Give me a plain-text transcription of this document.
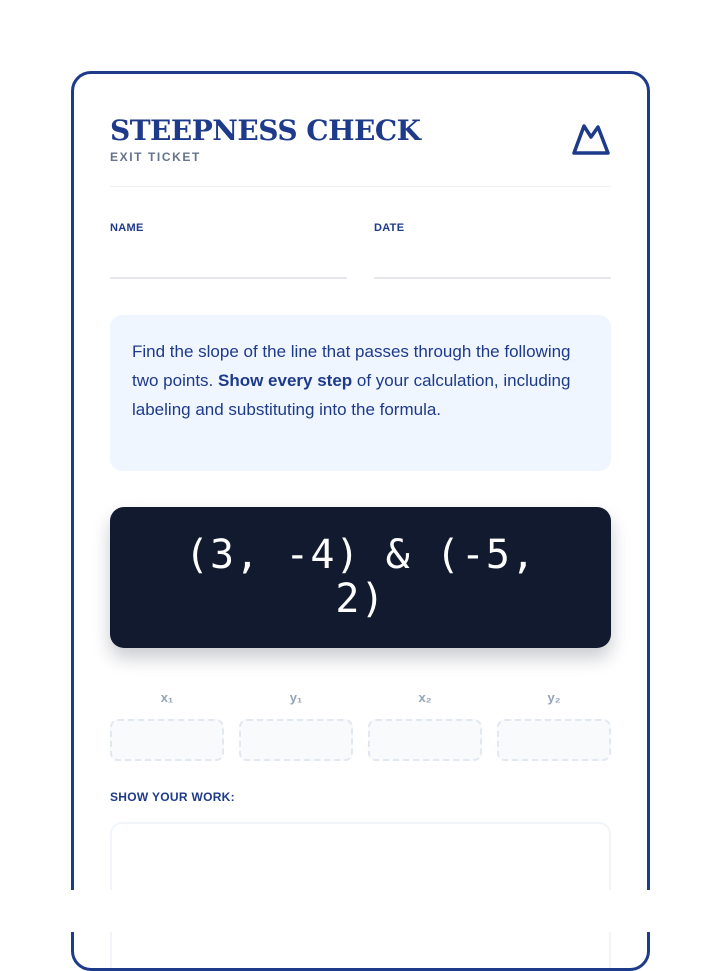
STEEPNESS CHECK
EXIT TICKET
NAME	DATE
Find the slope of the line that passes through the following two points. Show every step of your calculation, including labeling and substituting into the formula.
(3, -4) & (-5, 2)
x₁	y₁	x₂	y₂
SHOW YOUR WORK:
